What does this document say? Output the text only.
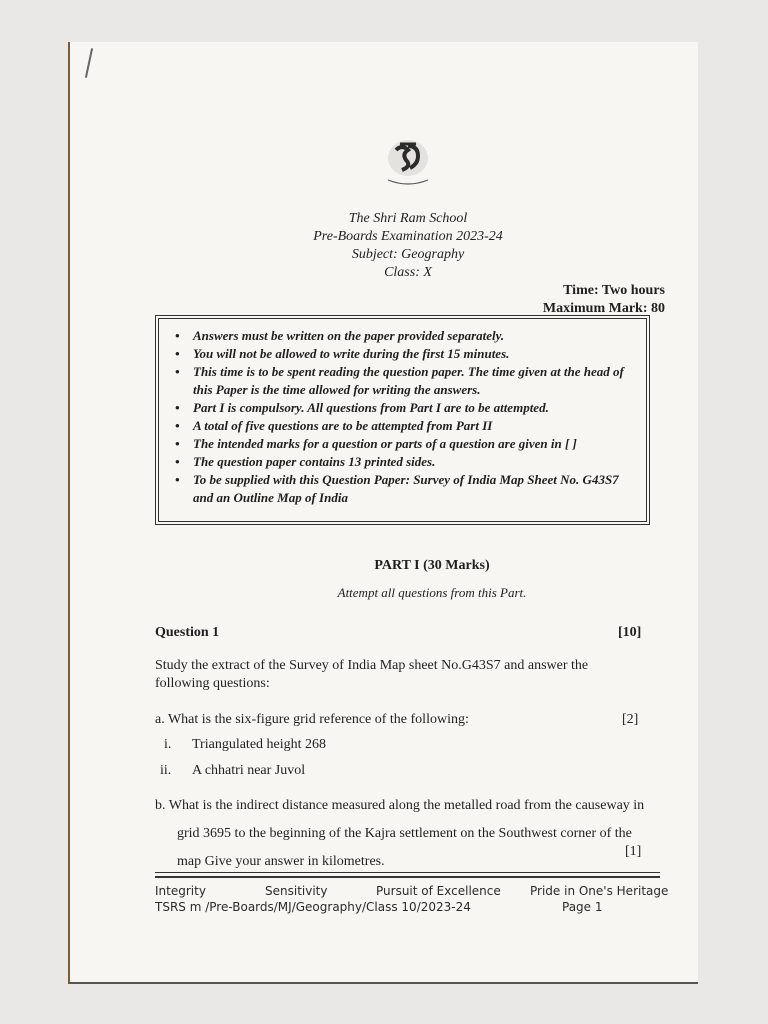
The Shri Ram School
Pre-Boards Examination 2023-24
Subject: Geography
Class: X
Time: Two hours
Maximum Mark: 80
• Answers must be written on the paper provided separately.
• You will not be allowed to write during the first 15 minutes.
• This time is to be spent reading the question paper. The time given at the head of this Paper is the time allowed for writing the answers.
• Part I is compulsory. All questions from Part I are to be attempted.
• A total of five questions are to be attempted from Part II
• The intended marks for a question or parts of a question are given in [ ]
• The question paper contains 13 printed sides.
• To be supplied with this Question Paper: Survey of India Map Sheet No. G43S7 and an Outline Map of India
PART I (30 Marks)
Attempt all questions from this Part.
Question 1	[10]
Study the extract of the Survey of India Map sheet No.G43S7 and answer the following questions:
a. What is the six-figure grid reference of the following:	[2]
i. Triangulated height 268
ii. A chhatri near Juvol
b. What is the indirect distance measured along the metalled road from the causeway in
grid 3695 to the beginning of the Kajra settlement on the Southwest corner of the
map Give your answer in kilometres.
[1]
Integrity	Sensitivity	Pursuit of Excellence Pride in One's Heritage
TSRS m /Pre-Boards/MJ/Geography/Class 10/2023-24	Page 1
